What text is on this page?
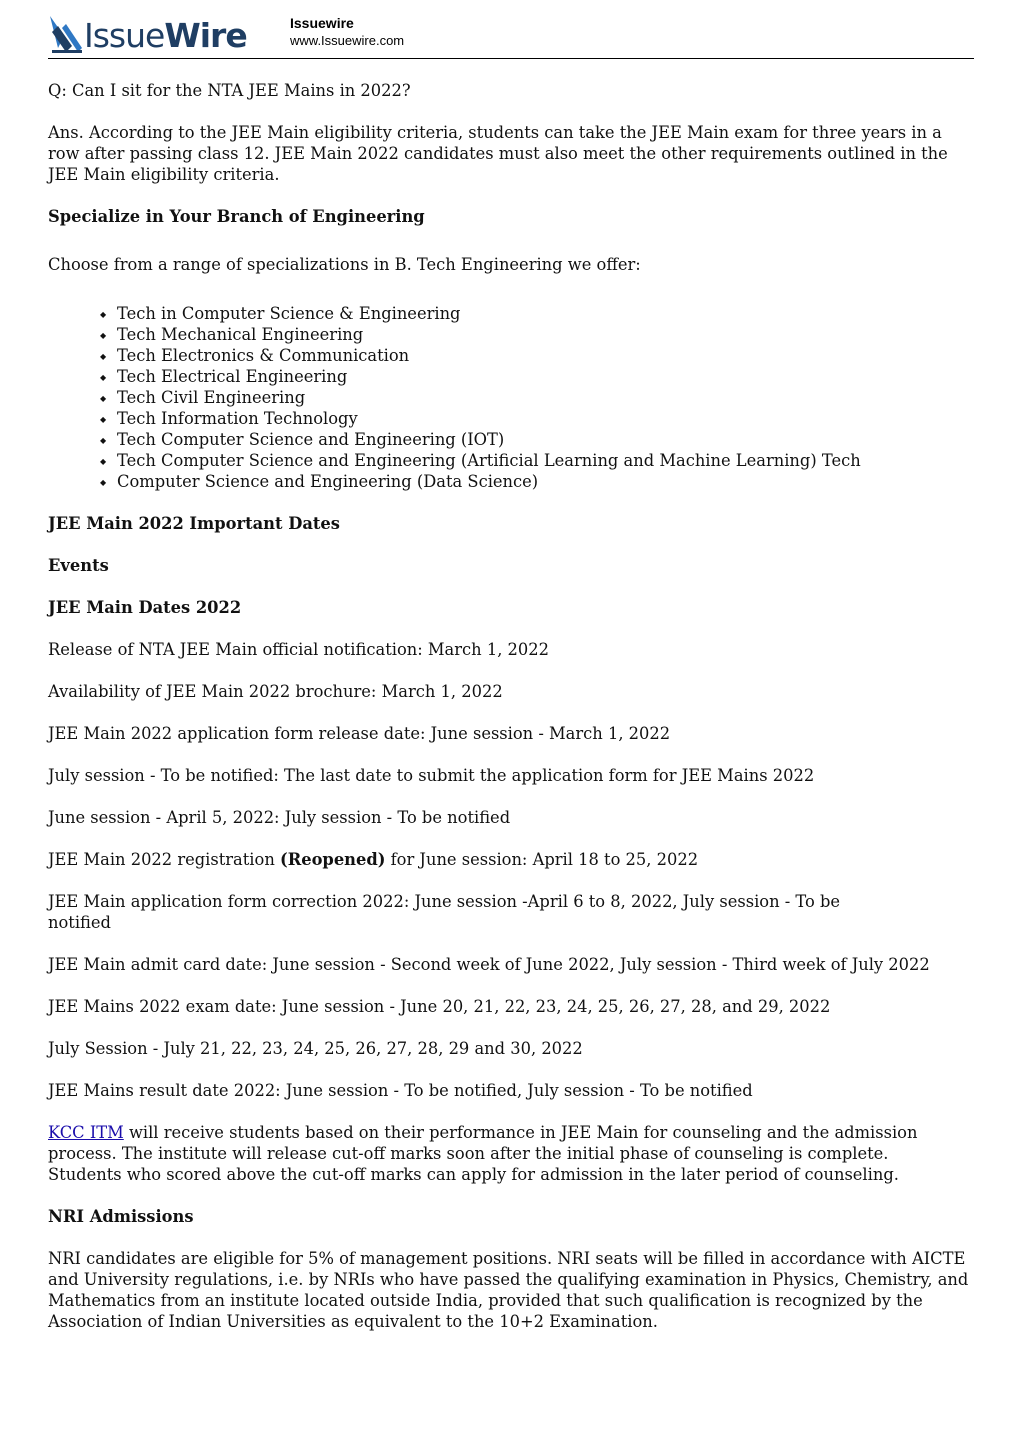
IssueWire	Issuewire
www.Issuewire.com

Q: Can I sit for the NTA JEE Mains in 2022?

Ans. According to the JEE Main eligibility criteria, students can take the JEE Main exam for three years in a row after passing class 12. JEE Main 2022 candidates must also meet the other requirements outlined in the JEE Main eligibility criteria.

Specialize in Your Branch of Engineering

Choose from a range of specializations in B. Tech Engineering we offer:

◆ Tech in Computer Science & Engineering
◆ Tech Mechanical Engineering
◆ Tech Electronics & Communication
◆ Tech Electrical Engineering
◆ Tech Civil Engineering
◆ Tech Information Technology
◆ Tech Computer Science and Engineering (IOT)
◆ Tech Computer Science and Engineering (Artificial Learning and Machine Learning) Tech
◆ Computer Science and Engineering (Data Science)
JEE Main 2022 Important Dates
Events
JEE Main Dates 2022

Release of NTA JEE Main official notification: March 1, 2022

Availability of JEE Main 2022 brochure: March 1, 2022

JEE Main 2022 application form release date: June session - March 1, 2022

July session - To be notified: The last date to submit the application form for JEE Mains 2022

June session - April 5, 2022: July session - To be notified

JEE Main 2022 registration (Reopened) for June session: April 18 to 25, 2022

JEE Main application form correction 2022: June session -April 6 to 8, 2022, July session - To be notified

JEE Main admit card date: June session - Second week of June 2022, July session - Third week of July 2022

JEE Mains 2022 exam date: June session - June 20, 21, 22, 23, 24, 25, 26, 27, 28, and 29, 2022

July Session - July 21, 22, 23, 24, 25, 26, 27, 28, 29 and 30, 2022

JEE Mains result date 2022: June session - To be notified, July session - To be notified

KCC ITM will receive students based on their performance in JEE Main for counseling and the admission process. The institute will release cut-off marks soon after the initial phase of counseling is complete. Students who scored above the cut-off marks can apply for admission in the later period of counseling.

NRI Admissions

NRI candidates are eligible for 5% of management positions. NRI seats will be filled in accordance with AICTE and University regulations, i.e. by NRIs who have passed the qualifying examination in Physics, Chemistry, and Mathematics from an institute located outside India, provided that such qualification is recognized by the Association of Indian Universities as equivalent to the 10+2 Examination.
